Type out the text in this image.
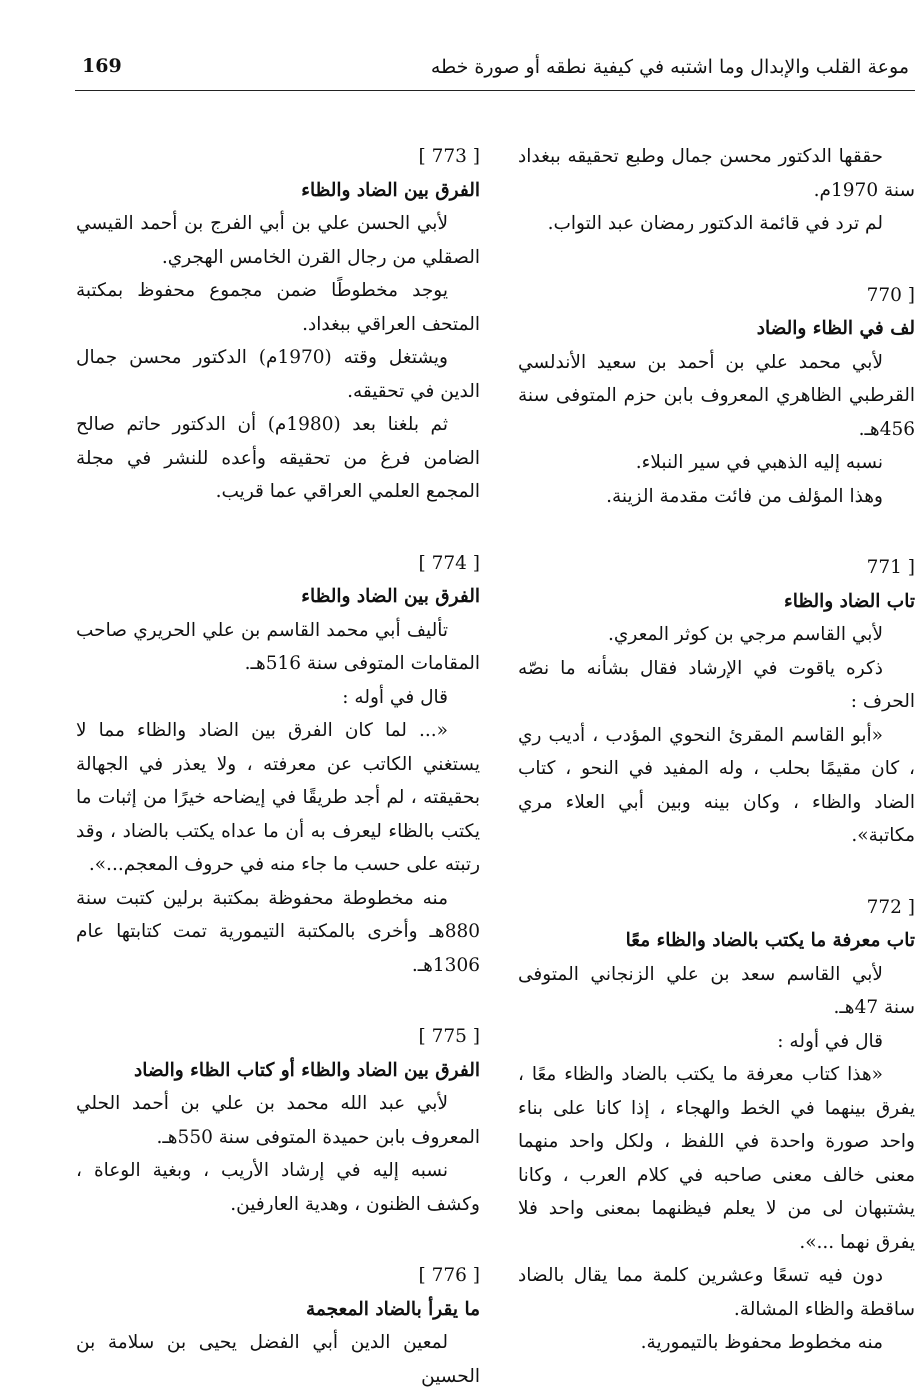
169	موعة القلب والإبدال وما اشتبه في كيفية نطقه أو صورة خطه
حققها الدكتور محسن جمال وطبع تحقيقه ببغداد سنة 1970م.
لم ترد في قائمة الدكتور رمضان عبد التواب.
[ 770
لف في الظاء والضاد
لأبي محمد علي بن أحمد بن سعيد الأندلسي القرطبي الظاهري المعروف بابن حزم المتوفى سنة 456هـ.
نسبه إليه الذهبي في سير النبلاء.
وهذا المؤلف من فائت مقدمة الزينة.
[ 771
تاب الضاد والظاء
لأبي القاسم مرجي بن كوثر المعري.
ذكره ياقوت في الإرشاد فقال بشأنه ما نصّه الحرف :
«أبو القاسم المقرئ النحوي المؤدب ، أديب ري ، كان مقيمًا بحلب ، وله المفيد في النحو ، كتاب الضاد والظاء ، وكان بينه وبين أبي العلاء مري مكاتبة».
[ 772
تاب معرفة ما يكتب بالضاد والظاء معًا
لأبي القاسم سعد بن علي الزنجاني المتوفى سنة 47هـ.
قال في أوله :
«هذا كتاب معرفة ما يكتب بالضاد والظاء معًا ، يفرق بينهما في الخط والهجاء ، إذا كانا على بناء واحد صورة واحدة في اللفظ ، ولكل واحد منهما معنى خالف معنى صاحبه في كلام العرب ، وكانا يشتبهان لى من لا يعلم فيظنهما بمعنى واحد فلا يفرق نهما ...».
دون فيه تسعًا وعشرين كلمة مما يقال بالضاد ساقطة والظاء المشالة.
منه مخطوط محفوظ بالتيمورية.
[ 773 ]
الفرق بين الضاد والظاء
لأبي الحسن علي بن أبي الفرج بن أحمد القيسي الصقلي من رجال القرن الخامس الهجري.
يوجد مخطوطًا ضمن مجموع محفوظ بمكتبة المتحف العراقي ببغداد.
ويشتغل وقته (1970م) الدكتور محسن جمال الدين في تحقيقه.
ثم بلغنا بعد (1980م) أن الدكتور حاتم صالح الضامن فرغ من تحقيقه وأعده للنشر في مجلة المجمع العلمي العراقي عما قريب.
[ 774 ]
الفرق بين الضاد والظاء
تأليف أبي محمد القاسم بن علي الحريري صاحب المقامات المتوفى سنة 516هـ.
قال في أوله :
«... لما كان الفرق بين الضاد والظاء مما لا يستغني الكاتب عن معرفته ، ولا يعذر في الجهالة بحقيقته ، لم أجد طريقًا في إيضاحه خيرًا من إثبات ما يكتب بالظاء ليعرف به أن ما عداه يكتب بالضاد ، وقد رتبته على حسب ما جاء منه في حروف المعجم...».
منه مخطوطة محفوظة بمكتبة برلين كتبت سنة 880هـ وأخرى بالمكتبة التيمورية تمت كتابتها عام 1306هـ.
[ 775 ]
الفرق بين الضاد والظاء أو كتاب الظاء والضاد
لأبي عبد الله محمد بن علي بن أحمد الحلي المعروف بابن حميدة المتوفى سنة 550هـ.
نسبه إليه في إرشاد الأريب ، وبغية الوعاة ، وكشف الظنون ، وهدية العارفين.
[ 776 ]
ما يقرأ بالضاد المعجمة
لمعين الدين أبي الفضل يحيى بن سلامة بن الحسين
